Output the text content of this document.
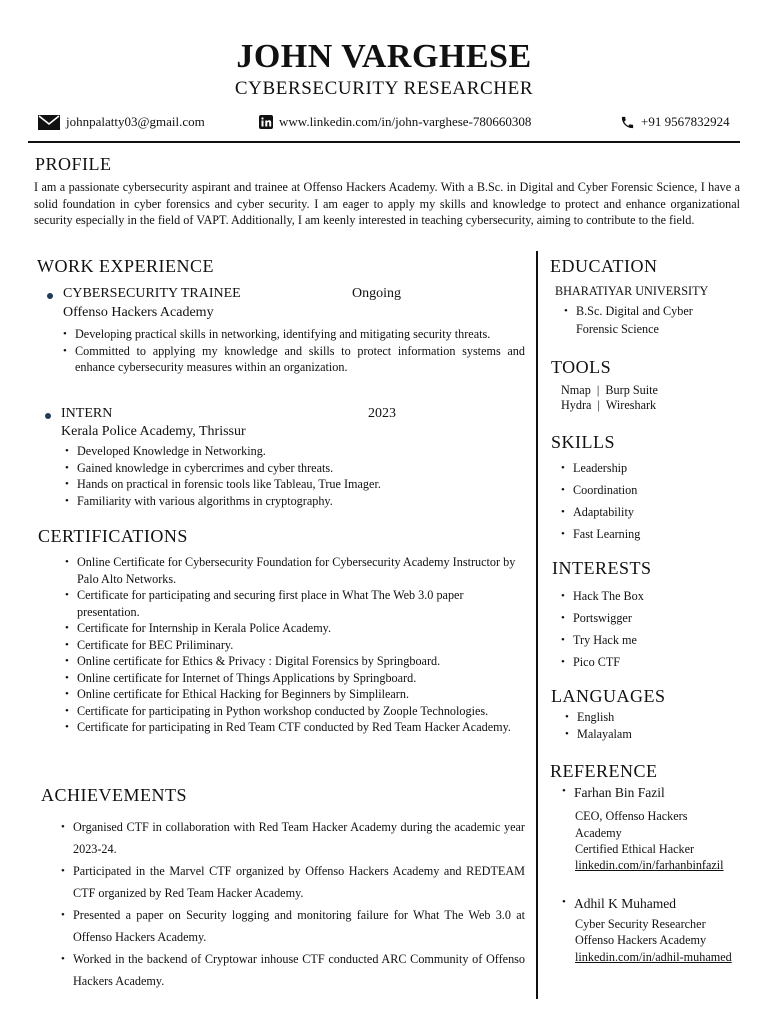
JOHN VARGHESE
CYBERSECURITY RESEARCHER
johnpalatty03@gmail.com	www.linkedin.com/in/john-varghese-780660308	+91 9567832924
PROFILE
I am a passionate cybersecurity aspirant and trainee at Offenso Hackers Academy. With a B.Sc. in Digital and Cyber Forensic Science, I have a solid foundation in cyber forensics and cyber security. I am eager to apply my skills and knowledge to protect and enhance organizational security especially in the field of VAPT. Additionally, I am keenly interested in teaching cybersecurity, aiming to contribute to the field.
WORK EXPERIENCE
CYBERSECURITY TRAINEE	Ongoing
Offenso Hackers Academy
• Developing practical skills in networking, identifying and mitigating security threats.
• Committed to applying my knowledge and skills to protect information systems and enhance cybersecurity measures within an organization.
INTERN	2023
Kerala Police Academy, Thrissur
• Developed Knowledge in Networking.
• Gained knowledge in cybercrimes and cyber threats.
• Hands on practical in forensic tools like Tableau, True Imager.
• Familiarity with various algorithms in cryptography.
CERTIFICATIONS
• Online Certificate for Cybersecurity Foundation for Cybersecurity Academy Instructor by Palo Alto Networks.
• Certificate for participating and securing first place in What The Web 3.0 paper presentation.
• Certificate for Internship in Kerala Police Academy.
• Certificate for BEC Priliminary.
• Online certificate for Ethics & Privacy : Digital Forensics by Springboard.
• Online certificate for Internet of Things Applications by Springboard.
• Online certificate for Ethical Hacking for Beginners by Simplilearn.
• Certificate for participating in Python workshop conducted by Zoople Technologies.
• Certificate for participating in Red Team CTF conducted by Red Team Hacker Academy.
ACHIEVEMENTS
• Organised CTF in collaboration with Red Team Hacker Academy during the academic year 2023-24.
• Participated in the Marvel CTF organized by Offenso Hackers Academy and REDTEAM CTF organized by Red Team Hacker Academy.
• Presented a paper on Security logging and monitoring failure for What The Web 3.0 at Offenso Hackers Academy.
• Worked in the backend of Cryptowar inhouse CTF conducted ARC Community of Offenso Hackers Academy.
EDUCATION
BHARATIYAR UNIVERSITY
• B.Sc. Digital and Cyber Forensic Science
TOOLS
Nmap  |  Burp Suite
Hydra  |  Wireshark
SKILLS
• Leadership
• Coordination
• Adaptability
• Fast Learning
INTERESTS
• Hack The Box
• Portswigger
• Try Hack me
• Pico CTF
LANGUAGES
• English
• Malayalam
REFERENCE
• Farhan Bin Fazil
CEO, Offenso Hackers Academy
Certified Ethical Hacker
linkedin.com/in/farhanbinfazil
• Adhil K Muhamed
Cyber Security Researcher
Offenso Hackers Academy
linkedin.com/in/adhil-muhamed
